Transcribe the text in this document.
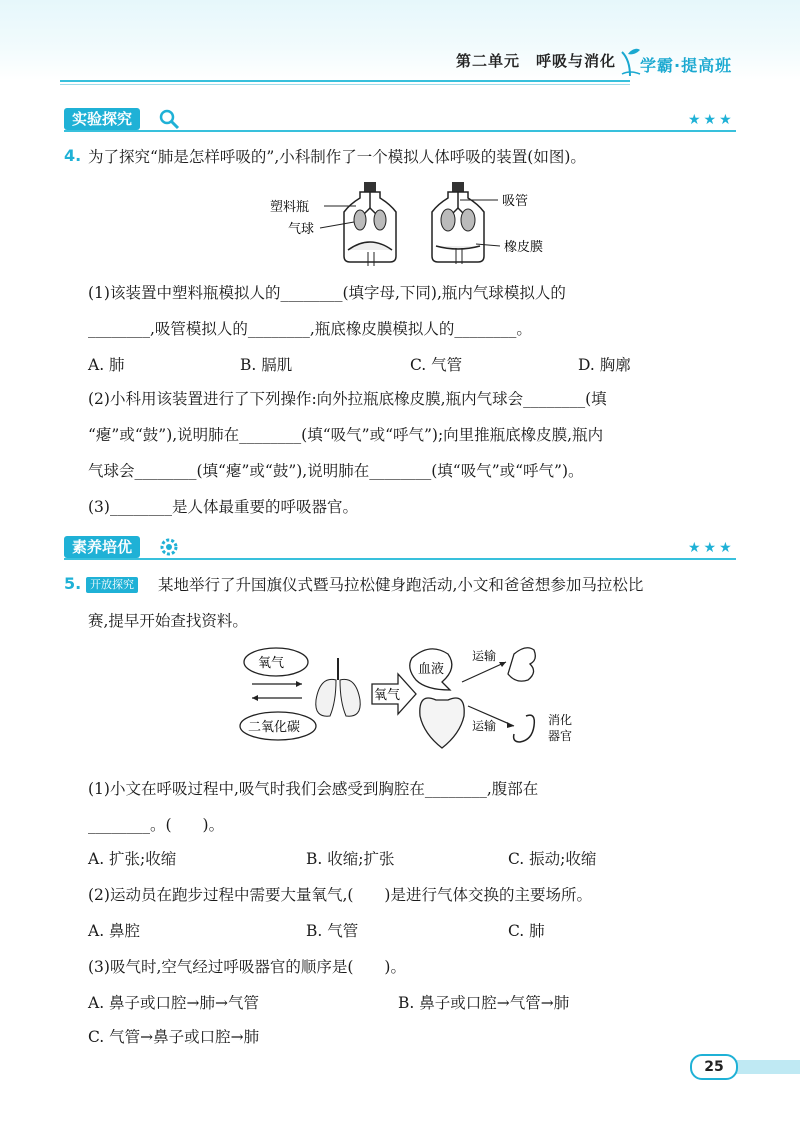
第二单元　呼吸与消化 学霸·提高班
实验探究	★★★
4. 为了探究“肺是怎样呼吸的”,小科制作了一个模拟人体呼吸的装置(如图)。
塑料瓶
气球
吸管
橡皮膜
(1)该装置中塑料瓶模拟人的________(填字母,下同),瓶内气球模拟人的
________,吸管模拟人的________,瓶底橡皮膜模拟人的________。
A. 肺	B. 膈肌	C. 气管	D. 胸廓
(2)小科用该装置进行了下列操作:向外拉瓶底橡皮膜,瓶内气球会________(填
“瘪”或“鼓”),说明肺在________(填“吸气”或“呼气”);向里推瓶底橡皮膜,瓶内
气球会________(填“瘪”或“鼓”),说明肺在________(填“吸气”或“呼气”)。
(3)________是人体最重要的呼吸器官。
素养培优	★★★
5. 开放探究 某地举行了升国旗仪式暨马拉松健身跑活动,小文和爸爸想参加马拉松比
赛,提早开始查找资料。
氧气
二氧化碳
氧气
血液
运输
运输	消化
器官
(1)小文在呼吸过程中,吸气时我们会感受到胸腔在________,腹部在
________。(　　)。
A. 扩张;收缩	B. 收缩;扩张	C. 振动;收缩
(2)运动员在跑步过程中需要大量氧气,(　　)是进行气体交换的主要场所。
A. 鼻腔	B. 气管	C. 肺
(3)吸气时,空气经过呼吸器官的顺序是(　　)。
A. 鼻子或口腔→肺→气管	B. 鼻子或口腔→气管→肺
C. 气管→鼻子或口腔→肺
25
